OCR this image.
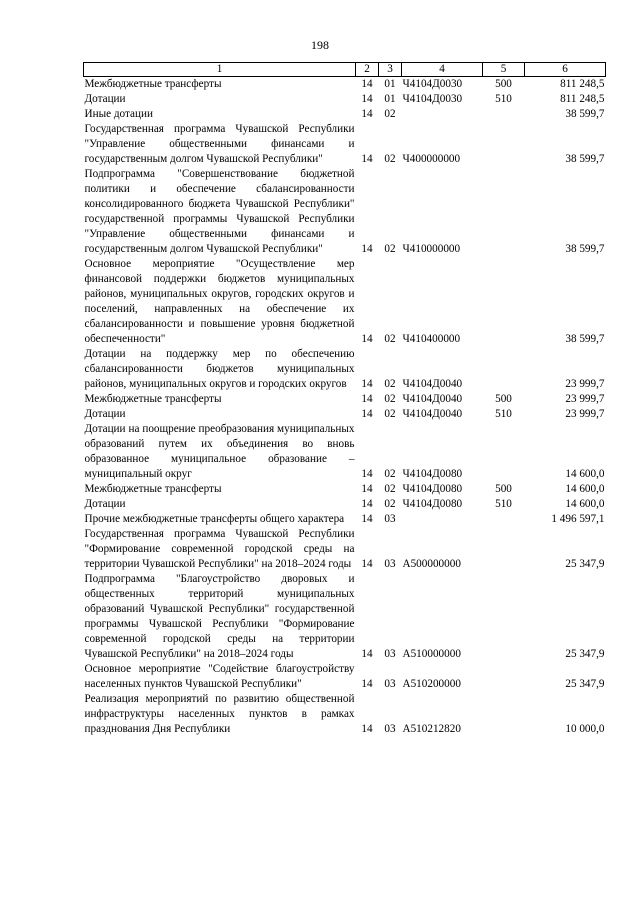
198
1	2	3	4	5	6
Межбюджетные трансферты	14	01	Ч4104Д0030	500	811 248,5
Дотации	14	01	Ч4104Д0030	510	811 248,5
Иные дотации	14	02			38 599,7
Государственная программа Чувашской Республики "Управление общественными финансами и государственным долгом Чувашской Республики"	14	02	Ч400000000		38 599,7
Подпрограмма "Совершенствование бюджетной политики и обеспечение сбалансированности консолидированного бюджета Чувашской Республики" государственной программы Чувашской Республики "Управление общественными финансами и государственным долгом Чувашской Республики"	14	02	Ч410000000		38 599,7
Основное мероприятие "Осуществление мер финансовой поддержки бюджетов муниципальных районов, муниципальных округов, городских округов и поселений, направленных на обеспечение их сбалансированности и повышение уровня бюджетной обеспеченности"	14	02	Ч410400000		38 599,7
Дотации на поддержку мер по обеспечению сбалансированности бюджетов муниципальных районов, муниципальных округов и городских округов	14	02	Ч4104Д0040		23 999,7
Межбюджетные трансферты	14	02	Ч4104Д0040	500	23 999,7
Дотации	14	02	Ч4104Д0040	510	23 999,7
Дотации на поощрение преобразования муниципальных образований путем их объединения во вновь образованное муниципальное образование – муниципальный округ	14	02	Ч4104Д0080		14 600,0
Межбюджетные трансферты	14	02	Ч4104Д0080	500	14 600,0
Дотации	14	02	Ч4104Д0080	510	14 600,0
Прочие межбюджетные трансферты общего характера	14	03			1 496 597,1
Государственная программа Чувашской Республики "Формирование современной городской среды на территории Чувашской Республики" на 2018–2024 годы	14	03	А500000000		25 347,9
Подпрограмма "Благоустройство дворовых и общественных территорий муниципальных образований Чувашской Республики" государственной программы Чувашской Республики "Формирование современной городской среды на территории Чувашской Республики" на 2018–2024 годы	14	03	А510000000		25 347,9
Основное мероприятие "Содействие благоустройству населенных пунктов Чувашской Республики"	14	03	А510200000		25 347,9
Реализация мероприятий по развитию общественной инфраструктуры населенных пунктов в рамках празднования Дня Республики	14	03	А510212820		10 000,0
